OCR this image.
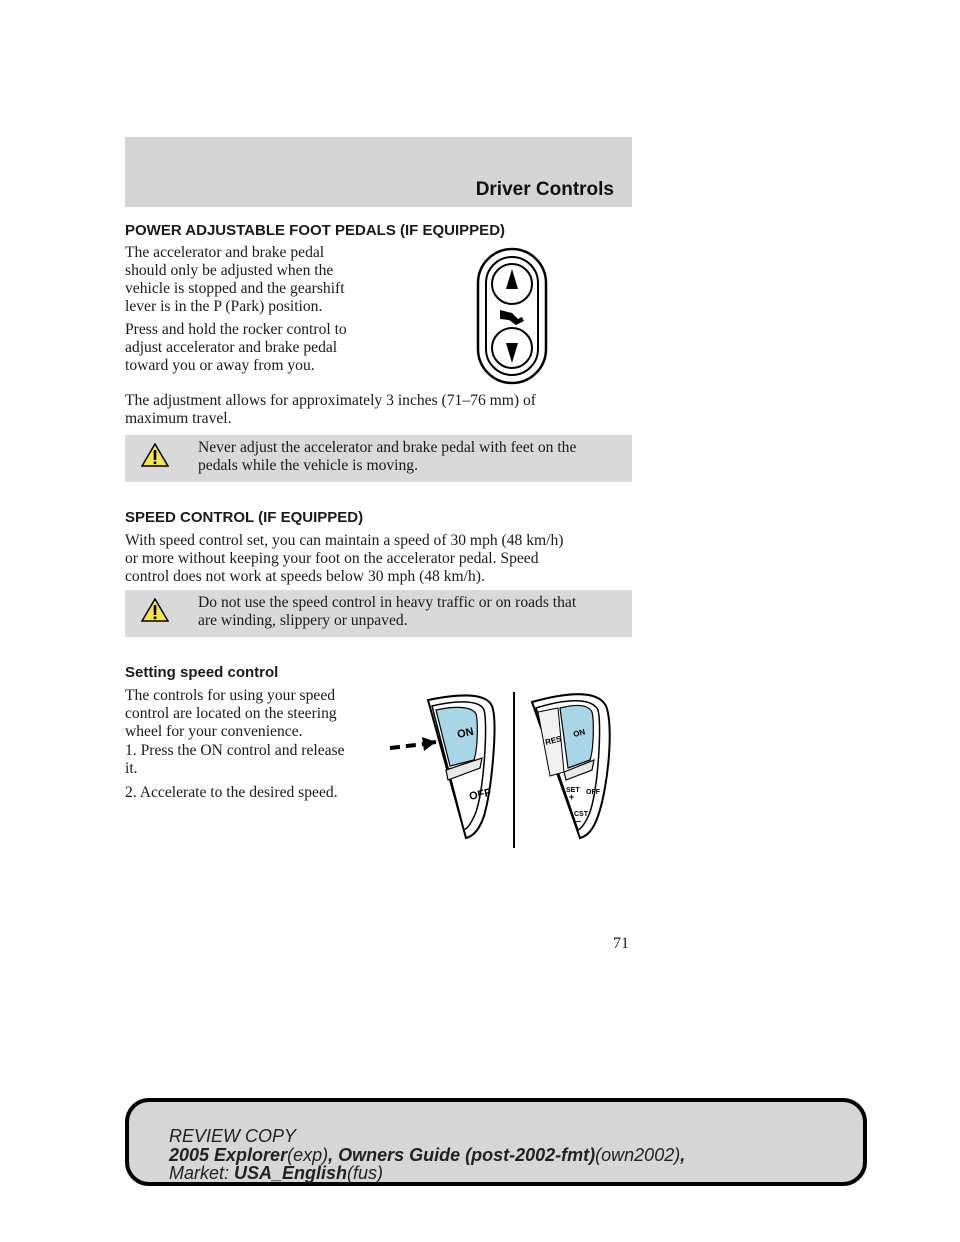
Driver Controls
POWER ADJUSTABLE FOOT PEDALS (IF EQUIPPED)
The accelerator and brake pedal
should only be adjusted when the
vehicle is stopped and the gearshift
lever is in the P (Park) position.
Press and hold the rocker control to
adjust accelerator and brake pedal
toward you or away from you.
The adjustment allows for approximately 3 inches (71–76 mm) of
maximum travel.
Never adjust the accelerator and brake pedal with feet on the
pedals while the vehicle is moving.
SPEED CONTROL (IF EQUIPPED)
With speed control set, you can maintain a speed of 30 mph (48 km/h)
or more without keeping your foot on the accelerator pedal. Speed
control does not work at speeds below 30 mph (48 km/h).
Do not use the speed control in heavy traffic or on roads that
are winding, slippery or unpaved.
Setting speed control
The controls for using your speed
control are located on the steering
wheel for your convenience.
1. Press the ON control and release
it.
2. Accelerate to the desired speed.
ON
OFF
RES
ON
SET
+ OFF
CST
–
71
REVIEW COPY
2005 Explorer(exp), Owners Guide (post-2002-fmt)(own2002),
Market: USA_English(fus)
